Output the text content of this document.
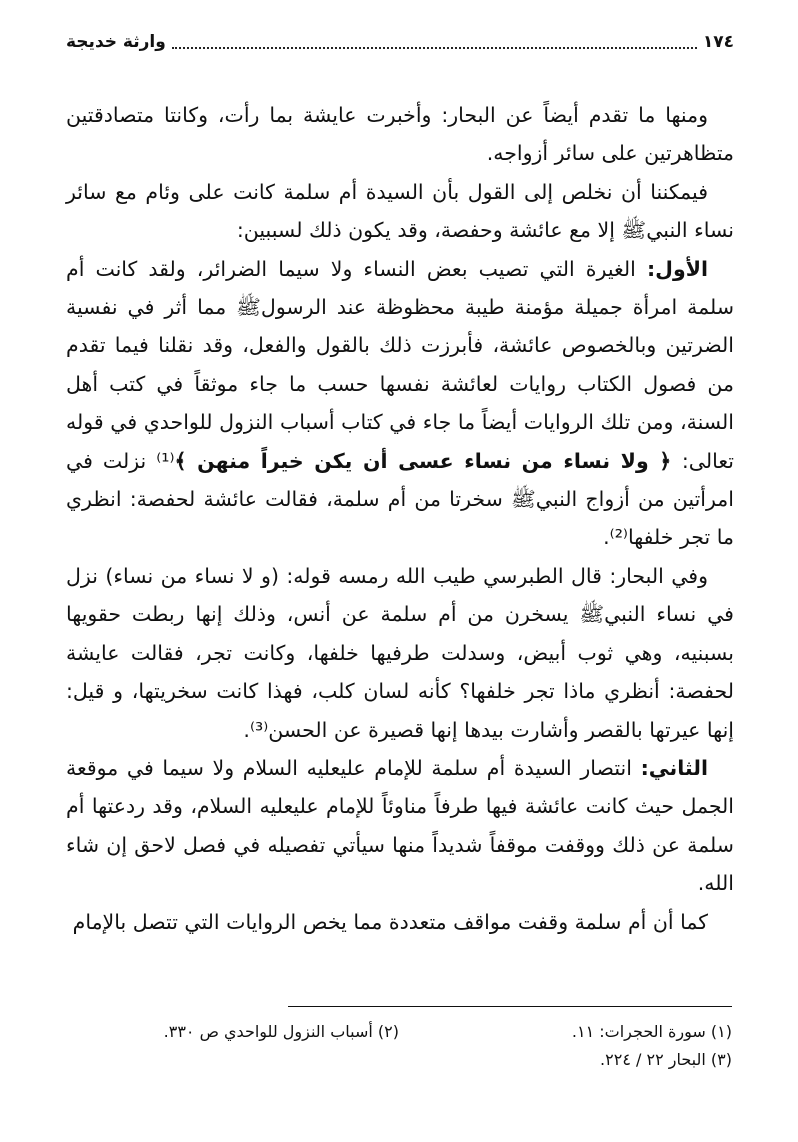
١٧٤
وارثة خديجة

ومنها ما تقدم أيضاً عن البحار: وأخبرت عايشة بما رأت، وكانتا متصادقتين متظاهرتين على سائر أزواجه.

فيمكننا أن نخلص إلى القول بأن السيدة أم سلمة كانت على وئام مع سائر نساء النبيﷺ إلا مع عائشة وحفصة، وقد يكون ذلك لسببين:

الأول: الغيرة التي تصيب بعض النساء ولا سيما الضرائر، ولقد كانت أم سلمة امرأة جميلة مؤمنة طيبة محظوظة عند الرسولﷺ مما أثر في نفسية الضرتين وبالخصوص عائشة، فأبرزت ذلك بالقول والفعل، وقد نقلنا فيما تقدم من فصول الكتاب روايات لعائشة نفسها حسب ما جاء موثقاً في كتب أهل السنة، ومن تلك الروايات أيضاً ما جاء في كتاب أسباب النزول للواحدي في قوله تعالى: ﴿ ولا نساء من نساء عسى أن يكن خيراً منهن ﴾⁽¹⁾ نزلت في امرأتين من أزواج النبيﷺ سخرتا من أم سلمة، فقالت عائشة لحفصة: انظري ما تجر خلفها⁽²⁾.

وفي البحار: قال الطبرسي طيب الله رمسه قوله: (و لا نساء من نساء) نزل في نساء النبيﷺ يسخرن من أم سلمة عن أنس، وذلك إنها ربطت حقويها بسبنيه، وهي ثوب أبيض، وسدلت طرفيها خلفها، وكانت تجر، فقالت عايشة لحفصة: أنظري ماذا تجر خلفها؟ كأنه لسان كلب، فهذا كانت سخريتها، و قيل: إنها عيرتها بالقصر وأشارت بيدها إنها قصيرة عن الحسن⁽³⁾.

الثاني: انتصار السيدة أم سلمة للإمام عليعليه السلام ولا سيما في موقعة الجمل حيث كانت عائشة فيها طرفاً مناوئاً للإمام عليعليه السلام، وقد ردعتها أم سلمة عن ذلك ووقفت موقفاً شديداً منها سيأتي تفصيله في فصل لاحق إن شاء الله.

كما أن أم سلمة وقفت مواقف متعددة مما يخص الروايات التي تتصل بالإمام

(١) سورة الحجرات: ١١.
(٢) أسباب النزول للواحدي ص ٣٣٠.
(٣) البحار ٢٢ / ٢٢٤.
